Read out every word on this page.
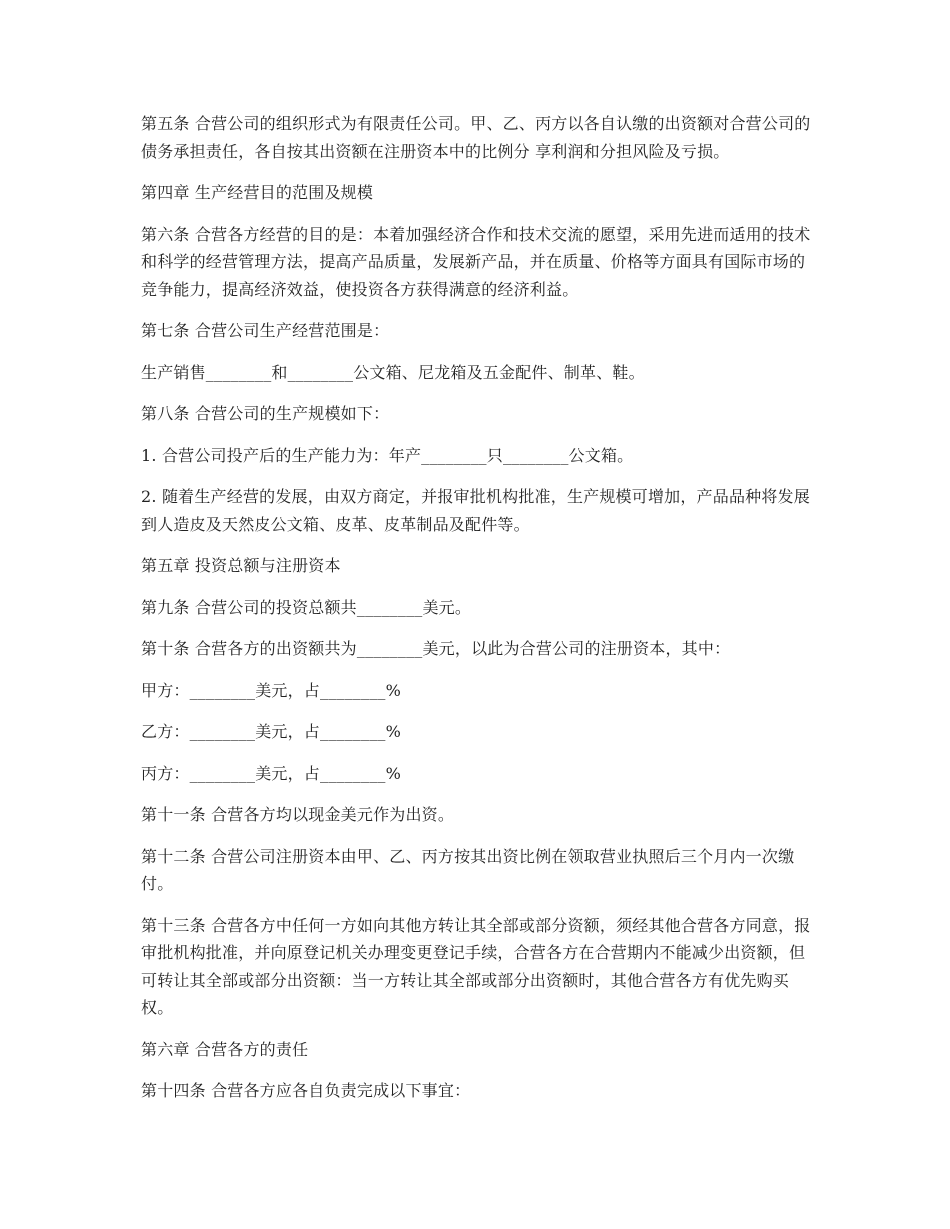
第五条 合营公司的组织形式为有限责任公司。甲、乙、丙方以各自认缴的出资额对合营公司的债务承担责任，各自按其出资额在注册资本中的比例分 享利润和分担风险及亏损。

第四章 生产经营目的范围及规模

第六条 合营各方经营的目的是：本着加强经济合作和技术交流的愿望，采用先进而适用的技术和科学的经营管理方法，提高产品质量，发展新产品，并在质量、价格等方面具有国际市场的竞争能力，提高经济效益，使投资各方获得满意的经济利益。

第七条 合营公司生产经营范围是：

生产销售________和________公文箱、尼龙箱及五金配件、制革、鞋。

第八条 合营公司的生产规模如下：

1. 合营公司投产后的生产能力为：年产________只________公文箱。

2. 随着生产经营的发展，由双方商定，并报审批机构批准，生产规模可增加，产品品种将发展到人造皮及天然皮公文箱、皮革、皮革制品及配件等。

第五章 投资总额与注册资本

第九条 合营公司的投资总额共________美元。

第十条 合营各方的出资额共为________美元，以此为合营公司的注册资本，其中：

甲方：________美元，占________%

乙方：________美元，占________%

丙方：________美元，占________%

第十一条 合营各方均以现金美元作为出资。

第十二条 合营公司注册资本由甲、乙、丙方按其出资比例在领取营业执照后三个月内一次缴付。

第十三条 合营各方中任何一方如向其他方转让其全部或部分资额，须经其他合营各方同意，报审批机构批准，并向原登记机关办理变更登记手续，合营各方在合营期内不能减少出资额，但可转让其全部或部分出资额：当一方转让其全部或部分出资额时，其他合营各方有优先购买权。

第六章 合营各方的责任

第十四条 合营各方应各自负责完成以下事宜：
